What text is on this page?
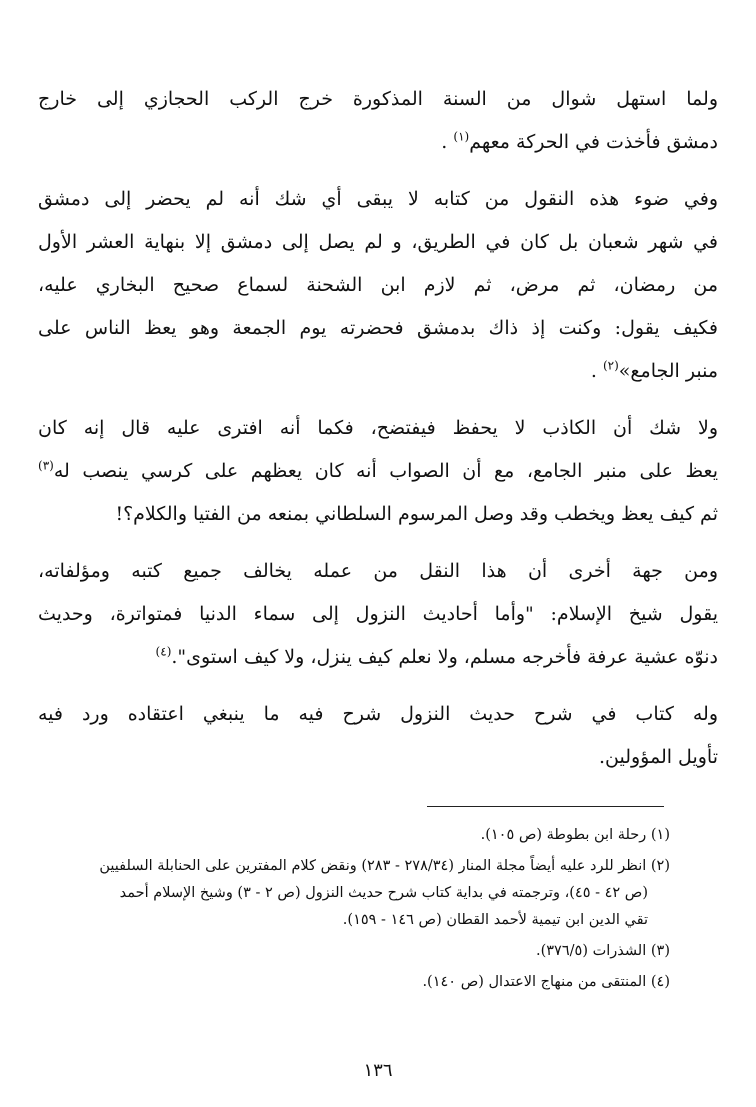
ولما استهل شوال من السنة المذكورة خرج الركب الحجازي إلى خارج
دمشق فأخذت في الحركة معهم$^{(١)}$ .

وفي ضوء هذه النقول من كتابه لا يبقى أي شك أنه لم يحضر إلى دمشق
في شهر شعبان بل كان في الطريق، و لم يصل إلى دمشق إلا بنهاية العشر الأول
من رمضان، ثم مرض، ثم لازم ابن الشحنة لسماع صحيح البخاري عليه،
فكيف يقول: وكنت إذ ذاك بدمشق فحضرته يوم الجمعة وهو يعظ الناس على
منبر الجامع»$^{(٢)}$ .

ولا شك أن الكاذب لا يحفظ فيفتضح، فكما أنه افترى عليه قال إنه كان
يعظ على منبر الجامع، مع أن الصواب أنه كان يعظهم على كرسي ينصب له$^{(٣)}$
ثم كيف يعظ ويخطب وقد وصل المرسوم السلطاني بمنعه من الفتيا والكلام؟!

ومن جهة أخرى أن هذا النقل من عمله يخالف جميع كتبه ومؤلفاته،
يقول شيخ الإسلام: "وأما أحاديث النزول إلى سماء الدنيا فمتواترة، وحديث
دنوّه عشية عرفة فأخرجه مسلم، ولا نعلم كيف ينزل، ولا كيف استوى".$^{(٤)}$

وله كتاب في شرح حديث النزول شرح فيه ما ينبغي اعتقاده ورد فيه
تأويل المؤولين.

(١) رحلة ابن بطوطة (ص ١٠٥).

(٢) انظر للرد عليه أيضاً مجلة المنار (٢٧٨/٣٤ - ٢٨٣) ونقض كلام المفترين على الحنابلة السلفيين
(ص ٤٢ - ٤٥)، وترجمته في بداية كتاب شرح حديث النزول (ص ٢ - ٣) وشيخ الإسلام أحمد
تقي الدين ابن تيمية لأحمد القطان (ص ١٤٦ - ١٥٩).

(٣) الشذرات (٣٧٦/٥).

(٤) المنتقى من منهاج الاعتدال (ص ١٤٠).

١٣٦
